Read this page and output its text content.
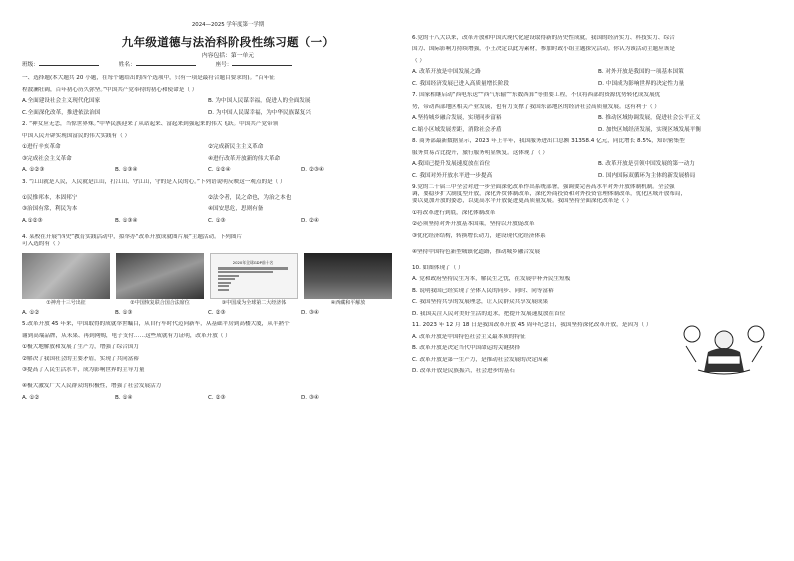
2024—2025 学年度第一学期
九年级道德与法治科阶段性练习题（一）
内容包括：第一单元
班级：	姓名：	座号：
一、选择题(本大题共 20 小题，在每个题给出的四个选项中，只有一项是最符合题目要求的)。“百年征
程波澜壮阔，百年初心历久弥坚。”中国共产党奉持的初心和使命是（ ）
A.全面建设社会主义现代化国家	B. 为中国人民谋幸福，促进人的全面发展
C.全面深化改革，推进依法治国	D. 为中国人民谋幸福，为中华民族谋复兴
2. “神女应无恙，当惊世界殊。”中华民族迎来了从站起来、富起来到强起来的伟大飞跃。中国共产党带领
中国人民开辟实现国富民的伟大实践有（ ）
①进行辛亥革命	②完成新民主主义革命
③完成社会主义革命	④进行改革开放新的伟大革命
A. ①②③	B. ①③④	C. ①②④	D. ②③④
3. “江山就是人民，人民就是江山，打江山、守江山，守的是人民的心。”下列语说明反映这一观点的是（ ）
①民惟邦本，本固邦宁	②法令者，民之命也，为治之本也
③治国有常，利民为本	④国安思危，思则有备
A.①②③	B. ①③④	C. ①③	D. ②④
4. 某校在开展“四史”教育实践活动中，拟举办“改革开放成就图片展”主题活动。下列图片
可入选的有（ ）
①神舟十三号出征	②中国恢复联合国合法席位
2020年全球GDP前十名
③中国成为全球第二大经济体	④西藏和平解放
A. ①②	B. ①③	C. ②③	D. ③④
5.改革开放 45 年来，中国取得的成就举世瞩目，从自行车时代迈向新车，从基础平房到高楼大厦，从半熟个
谢到高端品牌，从未果、再到网购，电子支付……这些成就有力证明，改革开放（ ）
①极大地解放和发展了生产力，增强了综合国力
②解决了我国社会的主要矛盾，实现了共同富裕
③提高了人民生活水平，成为影响世界的主导力量
④极大激发广大人民群众的积极性，增强了社会发展活力
A. ①②	B. ①④	C. ②③	D. ③④
6.党的十八大以来，改革开放和中国式现代化建设取得新的历史性成就，我国的经济实力、科技实力、综合
国力、国际影响力持续增强，小王决定以此为素材，参加时政小组主题探究活动。你认为该活动主题应该是
（ ）
A. 改革开放是中国发展之路	B. 对外开放是我国的一项基本国策
C. 我国经济发展已进入高质量增长阶段	D. 中国成为影响世界的决定性力量
7. 国家相继启动“西电东送”“西气东输”“东数西算”等重要工程，不仅将西部的资源优势转化成发展优
势，带动西部地区相关产业发展，也有力支撑了我国东部地区的经济社会高质量发展。这有利于（ ）
A.坚持城乡融合发展，实现同步富裕	B. 推动区域协调发展，促进社会公平正义
C.缩小区域发展差距，消除社会矛盾	D. 加快区域经济发展，实现区域发展平衡
8. 商务部最新数据显示，2023 年上半年，我国服务进出口总额 31358.4 亿元，同比增长 8.5%，知识密集型
服务贸易占比提升，旅行服务明显恢复。这体现了（ ）
A.我国已提升发展速度放在首位	B. 改革开放是引领中国发展的第一动力
C. 我国对外开放水平进一步提高	D. 国内国际双循环为主体的新发展格局
9.党的二十届三中全会对进一步全面深化改革作出系统部署，强调要完善高水平对外开放体制机制。全会强
调，要稳步扩大制度型开放，深化外贸体制改革，深化外商投资和对外投资管理体制改革，优化区域开放布局，
要以更加开放的姿态，以更高水平开放促进更高质量发展。我国坚持全面深化改革是（ ）
①将改革进行到底，深化体制改革
②必须坚持对外开放基本国策，坚持以开放促改革
③优化经济结构，转换增长动力，建设现代化经济体系
④坚持中国特色新型城镇化道路，推动城乡融合发展
10. 如图体现了（ ）
A. 党和政府坚持民生为本，解民生之忧，在发展中补齐民生短板
B. 说明我国已经实现了全体人民的同步、同时、同等富裕
C. 我国坚持共享的发展理念，让人民群众共享发展成果
D. 我国关注人民对美好生活的追求，把提升发展速度放在首位
11. 2023 年 12 月 18 日是我国改革开放 45 周年纪念日，我国坚持深化改革开放，是因为（ ）
A. 改革开放是中国特色社会主义最本质的特征
B. 改革开放是决定当代中国命运的关键抉择
C. 改革开放是第一生产力，是推动社会发展的决定因素
D. 改革开放是民族振兴，社会进步的基石
